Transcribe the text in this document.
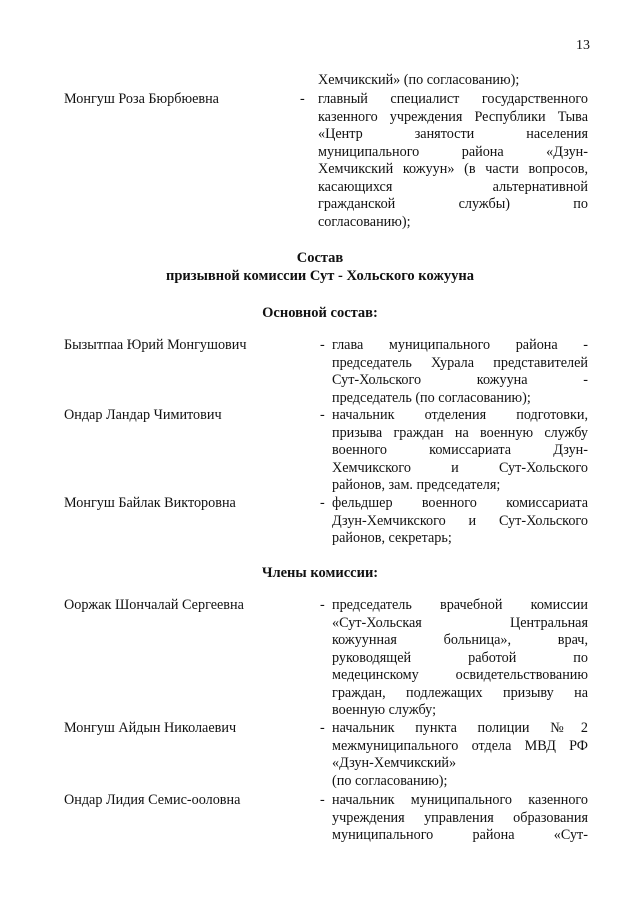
13
Хемчикский» (по согласованию);
Монгуш Роза Бюрбюевна	- главный специалист государственного
казенного учреждения Республики Тыва
«Центр занятости населения
муниципального района «Дзун-
Хемчикский кожуун» (в части вопросов,
касающихся альтернативной
гражданской службы) по
согласованию);
Состав
призывной комиссии Сут - Хольского кожууна
Основной состав:
Бызытпаа Юрий Монгушович	- глава муниципального района -
председатель Хурала представителей
Сут-Хольского кожууна -
председатель (по согласованию);
Ондар Ландар Чимитович	- начальник отделения подготовки,
призыва граждан на военную службу
военного комиссариата Дзун-
Хемчикского и Сут-Хольского
районов, зам. председателя;
Монгуш Байлак Викторовна	- фельдшер военного комиссариата
Дзун-Хемчикского и Сут-Хольского
районов, секретарь;
Члены комиссии:
Ооржак Шончалай Сергеевна	- председатель врачебной комиссии
«Сут-Хольская Центральная
кожуунная больница», врач,
руководящей работой по
медецинскому освидетельствованию
граждан, подлежащих призыву на
военную службу;
Монгуш Айдын Николаевич	- начальник пункта полиции №2
межмуниципального отдела МВД РФ
«Дзун-Хемчикский»
(по согласованию);
Ондар Лидия Семис-ооловна	- начальник муниципального казенного
учреждения управления образования
муниципального района «Сут-
